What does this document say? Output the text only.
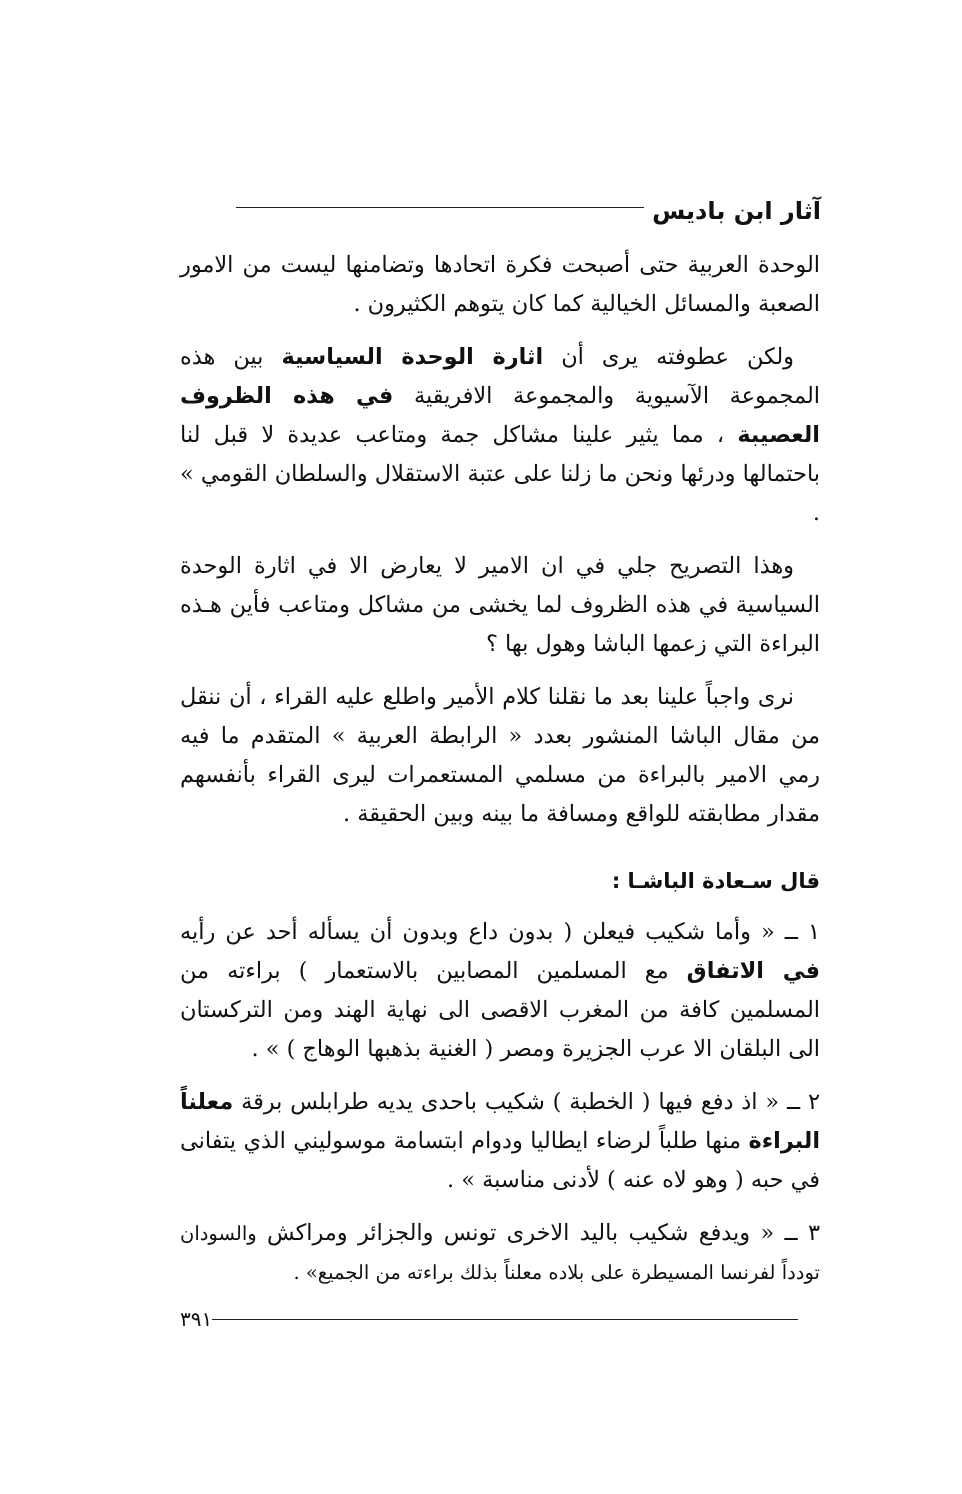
آثار ابن باديس

الوحدة العربية حتى أصبحت فكرة اتحادها وتضامنها ليست من الامور الصعبة والمسائل الخيالية كما كان يتوهم الكثيرون .

ولكن عطوفته يرى أن اثارة الوحدة السياسية بين هذه المجموعة الآسيوية والمجموعة الافريقية في هذه الظروف العصيبة ، مما يثير علينا مشاكل جمة ومتاعب عديدة لا قبل لنا باحتمالها ودرئها ونحن ما زلنا على عتبة الاستقلال والسلطان القومي » .

وهذا التصريح جلي في ان الامير لا يعارض الا في اثارة الوحدة السياسية في هذه الظروف لما يخشى من مشاكل ومتاعب فأين هـذه البراءة التي زعمها الباشا وهول بها ؟

نرى واجباً علينا بعد ما نقلنا كلام الأمير واطلع عليه القراء ، أن ننقل من مقال الباشا المنشور بعدد « الرابطة العربية » المتقدم ما فيه رمي الامير بالبراءة من مسلمي المستعمرات ليرى القراء بأنفسهم مقدار مطابقته للواقع ومسافة ما بينه وبين الحقيقة .

قال سـعادة الباشـا :

١ ــ « وأما شكيب فيعلن ( بدون داع وبدون أن يسأله أحد عن رأيه في الاتفاق مع المسلمين المصابين بالاستعمار ) براءته من المسلمين كافة من المغرب الاقصى الى نهاية الهند ومن التركستان الى البلقان الا عرب الجزيرة ومصر ( الغنية بذهبها الوهاج ) » .

٢ ــ « اذ دفع فيها ( الخطبة ) شكيب باحدى يديه طرابلس برقة معلناً البراءة منها طلباً لرضاء ايطاليا ودوام ابتسامة موسوليني الذي يتفانى في حبه ( وهو لاه عنه ) لأدنى مناسبة » .

٣ ــ « ويدفع شكيب باليد الاخرى تونس والجزائر ومراكش والسودان تودداً لفرنسا المسيطرة على بلاده معلناً بذلك براءته من الجميع» .

٣٩١
